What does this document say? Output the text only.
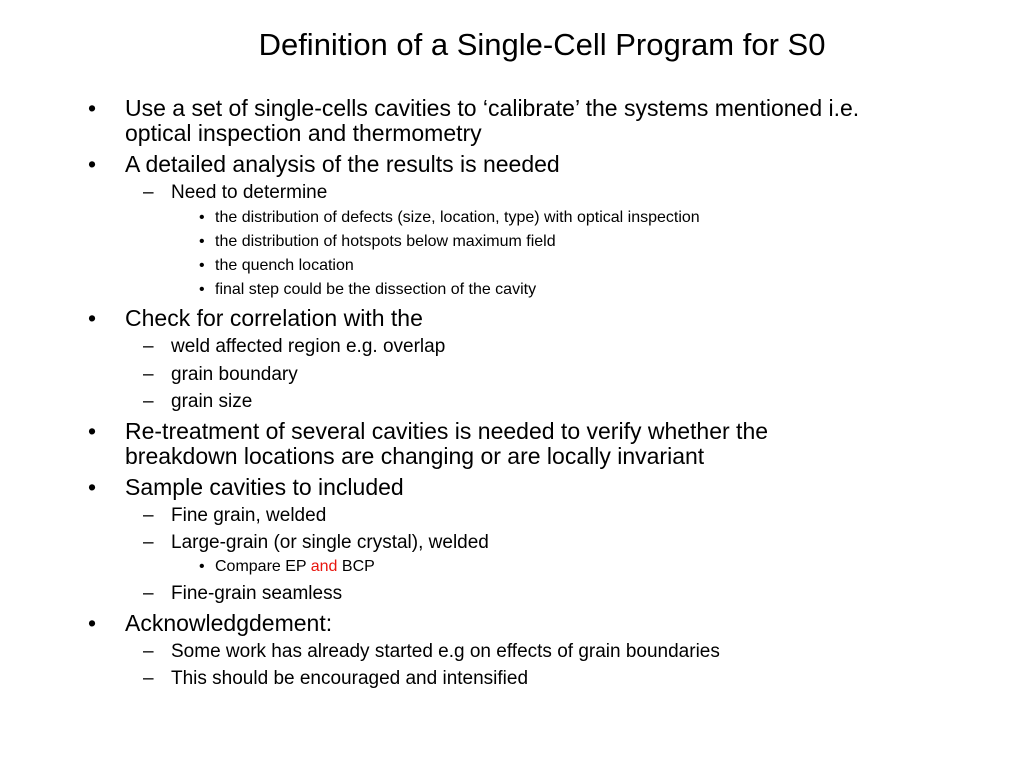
Definition of a Single-Cell Program for S0
• Use a set of single-cells cavities to ‘calibrate’ the systems mentioned i.e.
optical inspection and thermometry
• A detailed analysis of the results is needed
– Need to determine
• the distribution of defects (size, location, type) with optical inspection
• the distribution of hotspots below maximum field
• the quench location
• final step could be the dissection of the cavity
• Check for correlation with the
– weld affected region e.g. overlap
– grain boundary
– grain size
• Re-treatment of several cavities is needed to verify whether the
breakdown locations are changing or are locally invariant
• Sample cavities to included
– Fine grain, welded
– Large-grain (or single crystal), welded
• Compare EP and BCP
– Fine-grain seamless
• Acknowledgdement:
– Some work has already started e.g on effects of grain boundaries
– This should be encouraged and intensified
